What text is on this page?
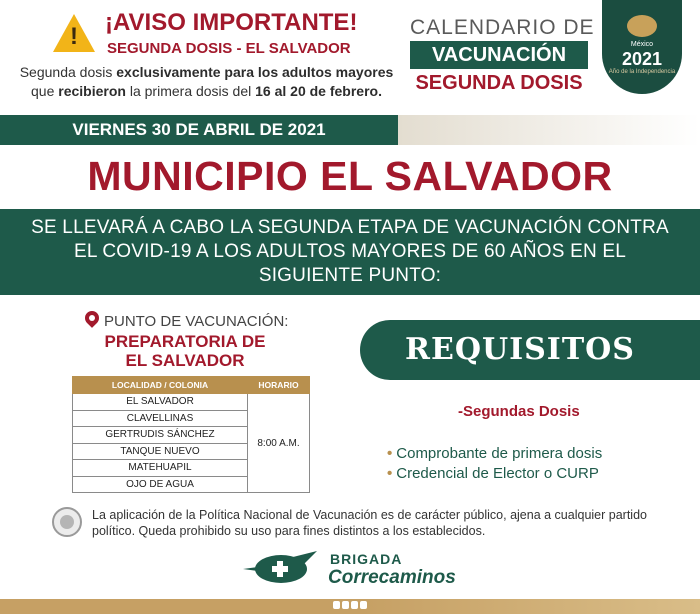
!
¡AVISO IMPORTANTE!
SEGUNDA DOSIS - EL SALVADOR
Segunda dosis exclusivamente para los adultos mayores
que recibieron la primera dosis del 16 al 20 de febrero.
CALENDARIO DE
VACUNACIÓN
SEGUNDA DOSIS
México
2021
Año de la Independencia
VIERNES 30 DE ABRIL DE 2021
MUNICIPIO EL SALVADOR
SE LLEVARÁ A CABO LA SEGUNDA ETAPA DE VACUNACIÓN CONTRA EL COVID-19 A LOS ADULTOS MAYORES DE 60 AÑOS EN EL SIGUIENTE PUNTO:
PUNTO DE VACUNACIÓN:
PREPARATORIA DE EL SALVADOR
LOCALIDAD / COLONIA	HORARIO
EL SALVADOR	8:00 A.M.
CLAVELLINAS	
GERTRUDIS SÁNCHEZ	
TANQUE NUEVO	
MATEHUAPIL	
OJO DE AGUA	
REQUISITOS
-Segundas Dosis
• Comprobante de primera dosis
• Credencial de Elector o CURP
La aplicación de la Política Nacional de Vacunación es de carácter público, ajena a cualquier partido político. Queda prohibido su uso para fines distintos a los establecidos.
BRIGADA
Correcaminos
